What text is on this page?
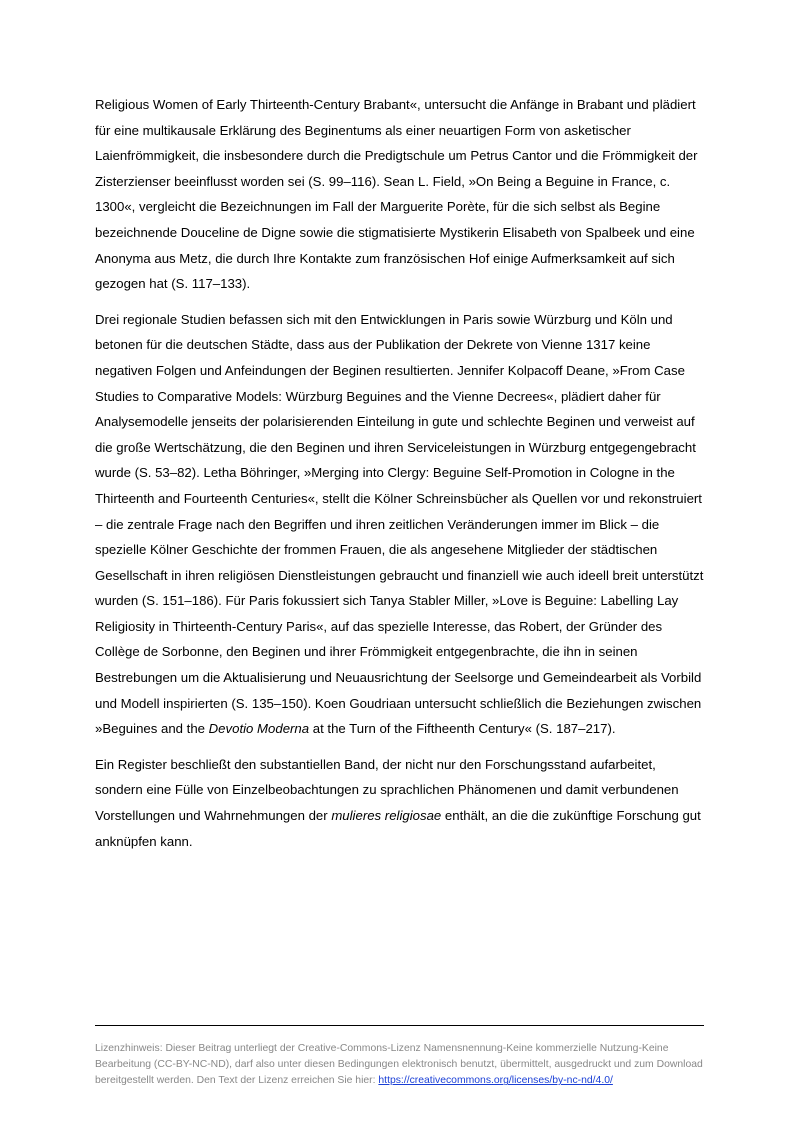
Religious Women of Early Thirteenth-Century Brabant«, untersucht die Anfänge in Brabant und plädiert für eine multikausale Erklärung des Beginentums als einer neuartigen Form von asketischer Laienfrömmigkeit, die insbesondere durch die Predigtschule um Petrus Cantor und die Frömmigkeit der Zisterzienser beeinflusst worden sei (S. 99–116). Sean L. Field, »On Being a Beguine in France, c. 1300«, vergleicht die Bezeichnungen im Fall der Marguerite Porète, für die sich selbst als Begine bezeichnende Douceline de Digne sowie die stigmatisierte Mystikerin Elisabeth von Spalbeek und eine Anonyma aus Metz, die durch Ihre Kontakte zum französischen Hof einige Aufmerksamkeit auf sich gezogen hat (S. 117–133).

Drei regionale Studien befassen sich mit den Entwicklungen in Paris sowie Würzburg und Köln und betonen für die deutschen Städte, dass aus der Publikation der Dekrete von Vienne 1317 keine negativen Folgen und Anfeindungen der Beginen resultierten. Jennifer Kolpacoff Deane, »From Case Studies to Comparative Models: Würzburg Beguines and the Vienne Decrees«, plädiert daher für Analysemodelle jenseits der polarisierenden Einteilung in gute und schlechte Beginen und verweist auf die große Wertschätzung, die den Beginen und ihren Serviceleistungen in Würzburg entgegengebracht wurde (S. 53–82). Letha Böhringer, »Merging into Clergy: Beguine Self-Promotion in Cologne in the Thirteenth and Fourteenth Centuries«, stellt die Kölner Schreinsbücher als Quellen vor und rekonstruiert – die zentrale Frage nach den Begriffen und ihren zeitlichen Veränderungen immer im Blick – die spezielle Kölner Geschichte der frommen Frauen, die als angesehene Mitglieder der städtischen Gesellschaft in ihren religiösen Dienstleistungen gebraucht und finanziell wie auch ideell breit unterstützt wurden (S. 151–186). Für Paris fokussiert sich Tanya Stabler Miller, »Love is Beguine: Labelling Lay Religiosity in Thirteenth-Century Paris«, auf das spezielle Interesse, das Robert, der Gründer des Collège de Sorbonne, den Beginen und ihrer Frömmigkeit entgegenbrachte, die ihn in seinen Bestrebungen um die Aktualisierung und Neuausrichtung der Seelsorge und Gemeindearbeit als Vorbild und Modell inspirierten (S. 135–150). Koen Goudriaan untersucht schließlich die Beziehungen zwischen »Beguines and the Devotio Moderna at the Turn of the Fiftheenth Century« (S. 187–217).

Ein Register beschließt den substantiellen Band, der nicht nur den Forschungsstand aufarbeitet, sondern eine Fülle von Einzelbeobachtungen zu sprachlichen Phänomenen und damit verbundenen Vorstellungen und Wahrnehmungen der mulieres religiosae enthält, an die die zukünftige Forschung gut anknüpfen kann.

Lizenzhinweis: Dieser Beitrag unterliegt der Creative-Commons-Lizenz Namensnennung-Keine kommerzielle Nutzung-Keine Bearbeitung (CC-BY-NC-ND), darf also unter diesen Bedingungen elektronisch benutzt, übermittelt, ausgedruckt und zum Download bereitgestellt werden. Den Text der Lizenz erreichen Sie hier: https://creativecommons.org/licenses/by-nc-nd/4.0/
